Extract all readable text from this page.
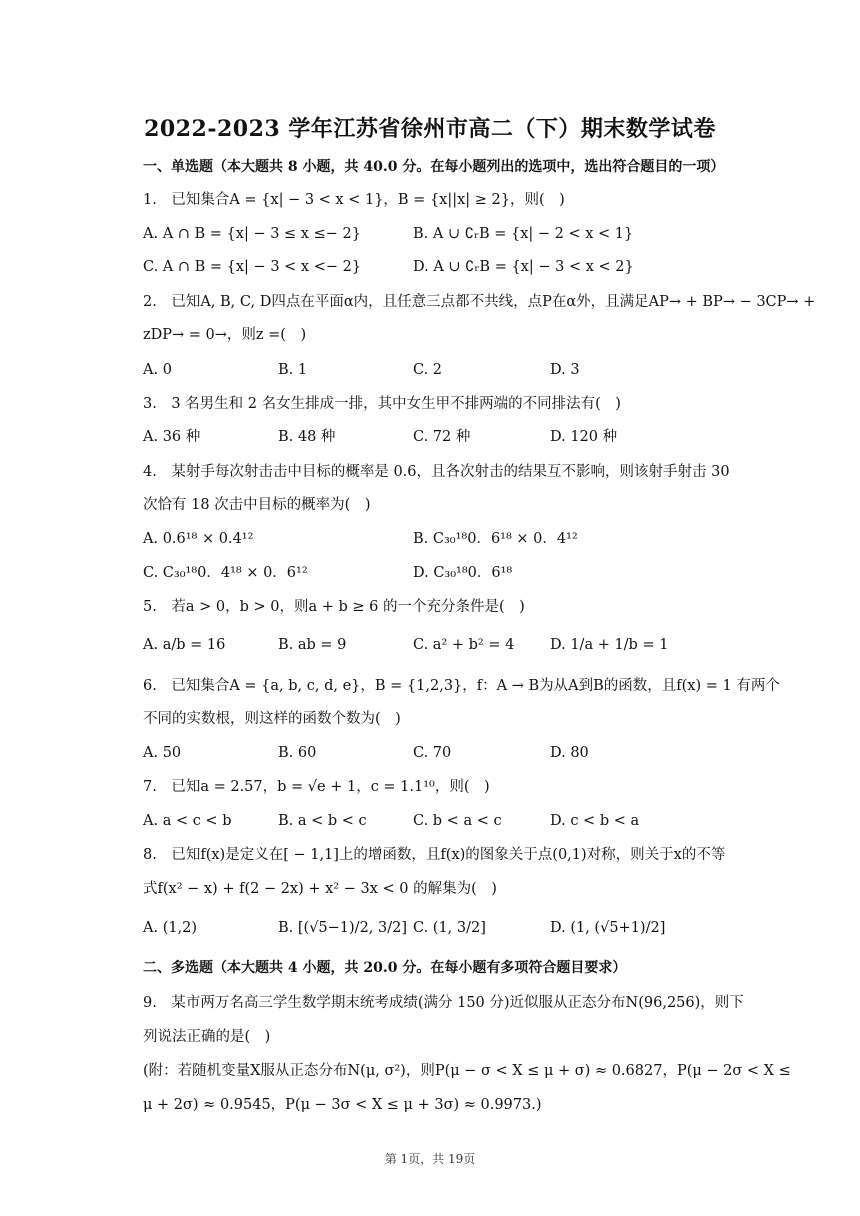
2022-2023 学年江苏省徐州市高二（下）期末数学试卷
一、单选题（本大题共 8 小题，共 40.0 分。在每小题列出的选项中，选出符合题目的一项）
1.　已知集合A = {x| − 3 < x < 1}，B = {x||x| ≥ 2}，则(　)
A. A ∩ B = {x| − 3 ≤ x ≤− 2}	B. A ∪ ∁ᵣB = {x| − 2 < x < 1}
C. A ∩ B = {x| − 3 < x <− 2}	D. A ∪ ∁ᵣB = {x| − 3 < x < 2}
2.　已知A, B, C, D四点在平面α内，且任意三点都不共线，点P在α外，且满足AP→ + BP→ − 3CP→ +
zDP→ = 0→，则z =(　)
A. 0	B. 1	C. 2	D. 3
3.　3 名男生和 2 名女生排成一排，其中女生甲不排两端的不同排法有(　)
A. 36 种	B. 48 种	C. 72 种	D. 120 种
4.　某射手每次射击击中目标的概率是 0.6，且各次射击的结果互不影响，则该射手射击 30
次恰有 18 次击中目标的概率为(　)
A. 0.6¹⁸ × 0.4¹²	B. C₃₀¹⁸0．6¹⁸ × 0．4¹²
C. C₃₀¹⁸0．4¹⁸ × 0．6¹²	D. C₃₀¹⁸0．6¹⁸
5.　若a > 0，b > 0，则a + b ≥ 6 的一个充分条件是(　)
A. a/b = 16	B. ab = 9	C. a² + b² = 4 D. 1/a + 1/b = 1
6.　已知集合A = {a, b, c, d, e}，B = {1,2,3}，f：A → B为从A到B的函数，且f(x) = 1 有两个
不同的实数根，则这样的函数个数为(　)
A. 50	B. 60	C. 70	D. 80
7.　已知a = 2.57，b = √e + 1，c = 1.1¹⁰，则(　)
A. a < c < b	B. a < b < c	C. b < a < c	D. c < b < a
8.　已知f(x)是定义在[ − 1,1]上的增函数，且f(x)的图象关于点(0,1)对称，则关于x的不等
式f(x² − x) + f(2 − 2x) + x² − 3x < 0 的解集为(　)
A. (1,2)	B. [(√5−1)/2, 3/2] C. (1, 3/2]	D. (1, (√5+1)/2]
二、多选题（本大题共 4 小题，共 20.0 分。在每小题有多项符合题目要求）
9.　某市两万名高三学生数学期末统考成绩(满分 150 分)近似服从正态分布N(96,256)，则下
列说法正确的是(　)
(附：若随机变量X服从正态分布N(μ, σ²)，则P(μ − σ < X ≤ μ + σ) ≈ 0.6827，P(μ − 2σ < X ≤
μ + 2σ) ≈ 0.9545，P(μ − 3σ < X ≤ μ + 3σ) ≈ 0.9973.)
第 1页，共 19页
